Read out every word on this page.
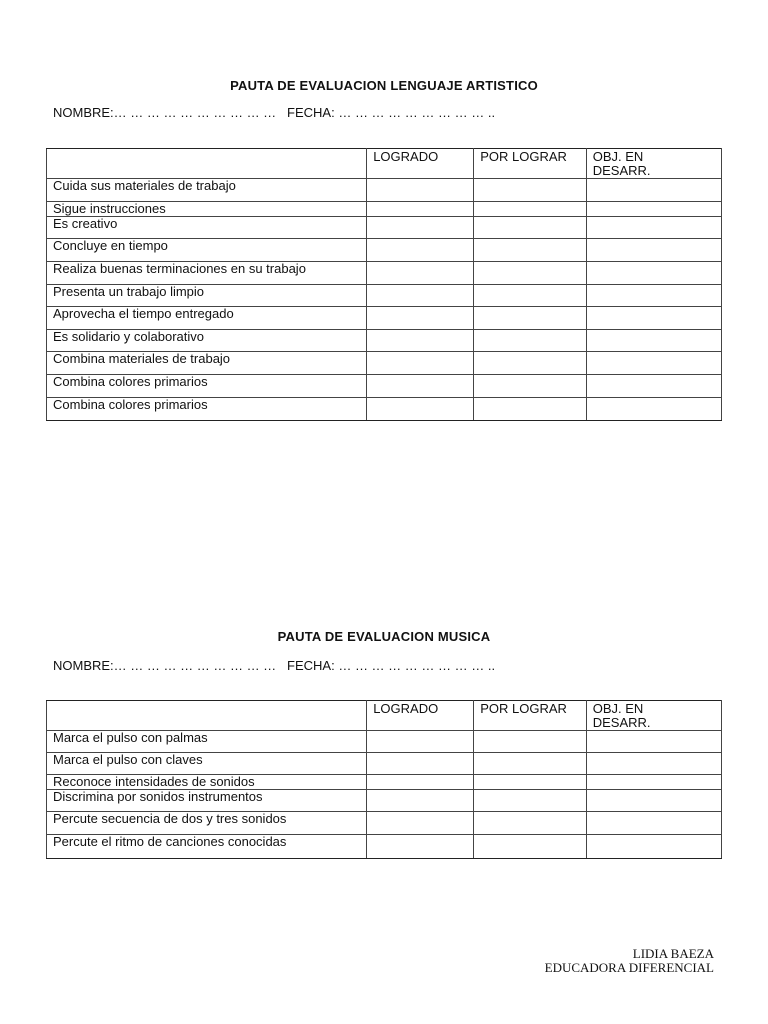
PAUTA DE EVALUACION LENGUAJE ARTISTICO
NOMBRE:… … … … … … … … … … FECHA: … … … … … … … … … ..
	LOGRADO	POR LOGRAR	OBJ. EN
DESARR.
Cuida sus materiales de trabajo			
Sigue instrucciones			
Es creativo			
Concluye en tiempo			
Realiza buenas terminaciones en su trabajo			
Presenta un trabajo limpio			
Aprovecha el tiempo entregado			
Es solidario y colaborativo			
Combina materiales de trabajo			
Combina colores primarios			
Combina colores primarios			
PAUTA DE EVALUACION MUSICA
NOMBRE:… … … … … … … … … … FECHA: … … … … … … … … … ..
	LOGRADO	POR LOGRAR	OBJ. EN
DESARR.
Marca el pulso con palmas			
Marca el pulso con claves			
Reconoce intensidades de sonidos			
Discrimina por sonidos instrumentos			
Percute secuencia de dos y tres sonidos			
Percute el ritmo de canciones conocidas			
LIDIA BAEZA
EDUCADORA DIFERENCIAL
